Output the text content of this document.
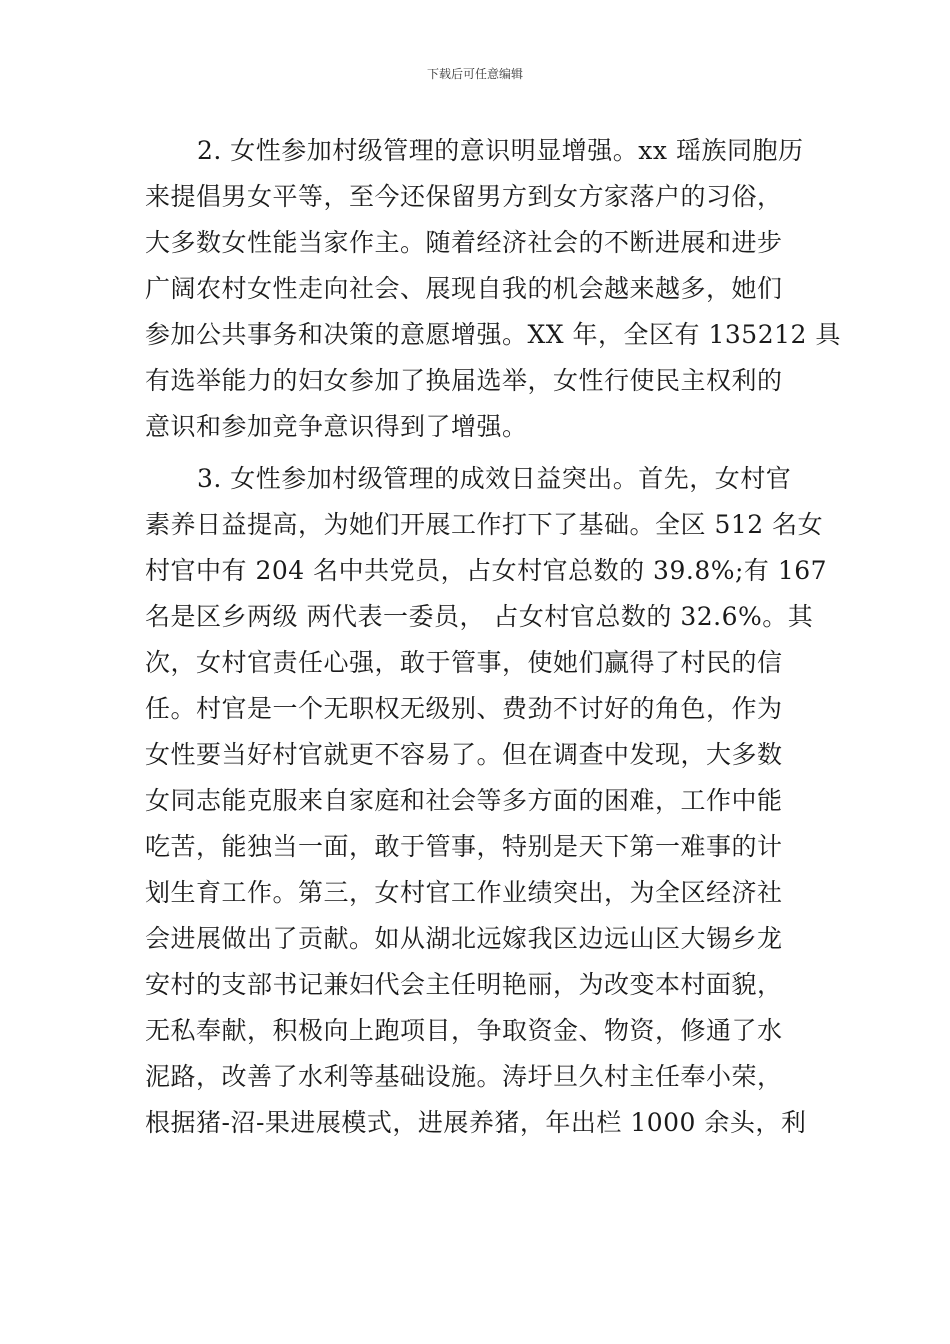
下载后可任意编辑
2. 女性参加村级管理的意识明显增强。xx 瑶族同胞历
来提倡男女平等，至今还保留男方到女方家落户的习俗，
大多数女性能当家作主。随着经济社会的不断进展和进步
广阔农村女性走向社会、展现自我的机会越来越多，她们
参加公共事务和决策的意愿增强。XX 年，全区有 135212 具
有选举能力的妇女参加了换届选举，女性行使民主权利的
意识和参加竞争意识得到了增强。
3. 女性参加村级管理的成效日益突出。首先，女村官
素养日益提高，为她们开展工作打下了基础。全区 512 名女
村官中有 204 名中共党员，占女村官总数的 39.8%;有 167
名是区乡两级 两代表一委员， 占女村官总数的 32.6%。其
次，女村官责任心强，敢于管事，使她们赢得了村民的信
任。村官是一个无职权无级别、费劲不讨好的角色，作为
女性要当好村官就更不容易了。但在调查中发现，大多数
女同志能克服来自家庭和社会等多方面的困难，工作中能
吃苦，能独当一面，敢于管事，特别是天下第一难事的计
划生育工作。第三，女村官工作业绩突出，为全区经济社
会进展做出了贡献。如从湖北远嫁我区边远山区大锡乡龙
安村的支部书记兼妇代会主任明艳丽，为改变本村面貌，
无私奉献，积极向上跑项目，争取资金、物资，修通了水
泥路，改善了水利等基础设施。涛圩旦久村主任奉小荣，
根据猪-沼-果进展模式，进展养猪，年出栏 1000 余头，利
